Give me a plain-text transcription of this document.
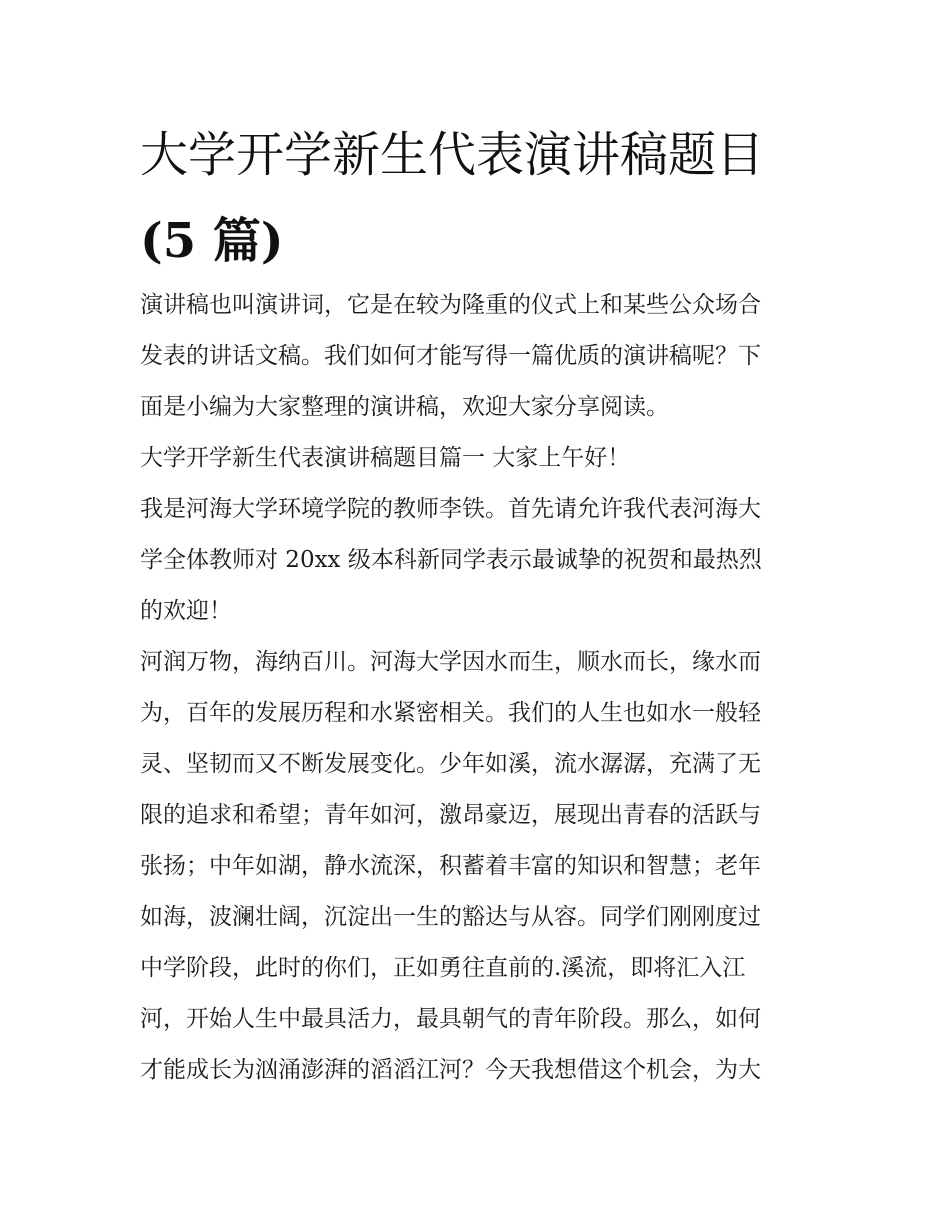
大学开学新生代表演讲稿题目
(5 篇)

演讲稿也叫演讲词，它是在较为隆重的仪式上和某些公众场合
发表的讲话文稿。我们如何才能写得一篇优质的演讲稿呢？下
面是小编为大家整理的演讲稿，欢迎大家分享阅读。

大学开学新生代表演讲稿题目篇一 大家上午好！

我是河海大学环境学院的教师李铁。首先请允许我代表河海大
学全体教师对 20xx 级本科新同学表示最诚挚的祝贺和最热烈
的欢迎！

河润万物，海纳百川。河海大学因水而生，顺水而长，缘水而
为，百年的发展历程和水紧密相关。我们的人生也如水一般轻
灵、坚韧而又不断发展变化。少年如溪，流水潺潺，充满了无
限的追求和希望；青年如河，激昂豪迈，展现出青春的活跃与
张扬；中年如湖，静水流深，积蓄着丰富的知识和智慧；老年
如海，波澜壮阔，沉淀出一生的豁达与从容。同学们刚刚度过
中学阶段，此时的你们，正如勇往直前的.溪流，即将汇入江
河，开始人生中最具活力，最具朝气的青年阶段。那么，如何
才能成长为汹涌澎湃的滔滔江河？今天我想借这个机会，为大
